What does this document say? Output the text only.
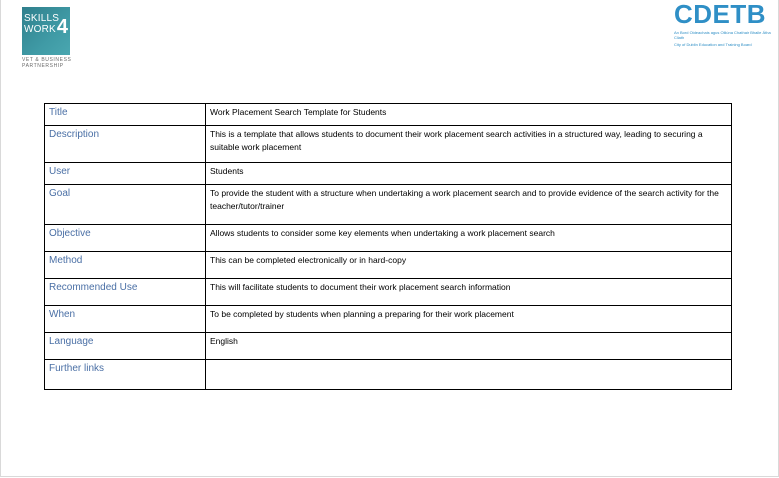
SKILLS
WORK 4
VET & BUSINESS
PARTNERSHIP
CDETB
An Bord Oideachais agus Oiliúna Chathair Bhaile Átha Cliath
City of Dublin Education and Training Board
Title	Work Placement Search Template for Students
Description	This is a template that allows students to document their work placement search activities in a structured way, leading to securing a suitable work placement
User	Students
Goal	To provide the student with a structure when undertaking a work placement search and to provide evidence of the search activity for the teacher/tutor/trainer
Objective	Allows students to consider some key elements when undertaking a work placement search
Method	This can be completed electronically or in hard-copy
Recommended Use	This will facilitate students to document their work placement search information
When	To be completed by students when planning a preparing for their work placement
Language	English
Further links	
